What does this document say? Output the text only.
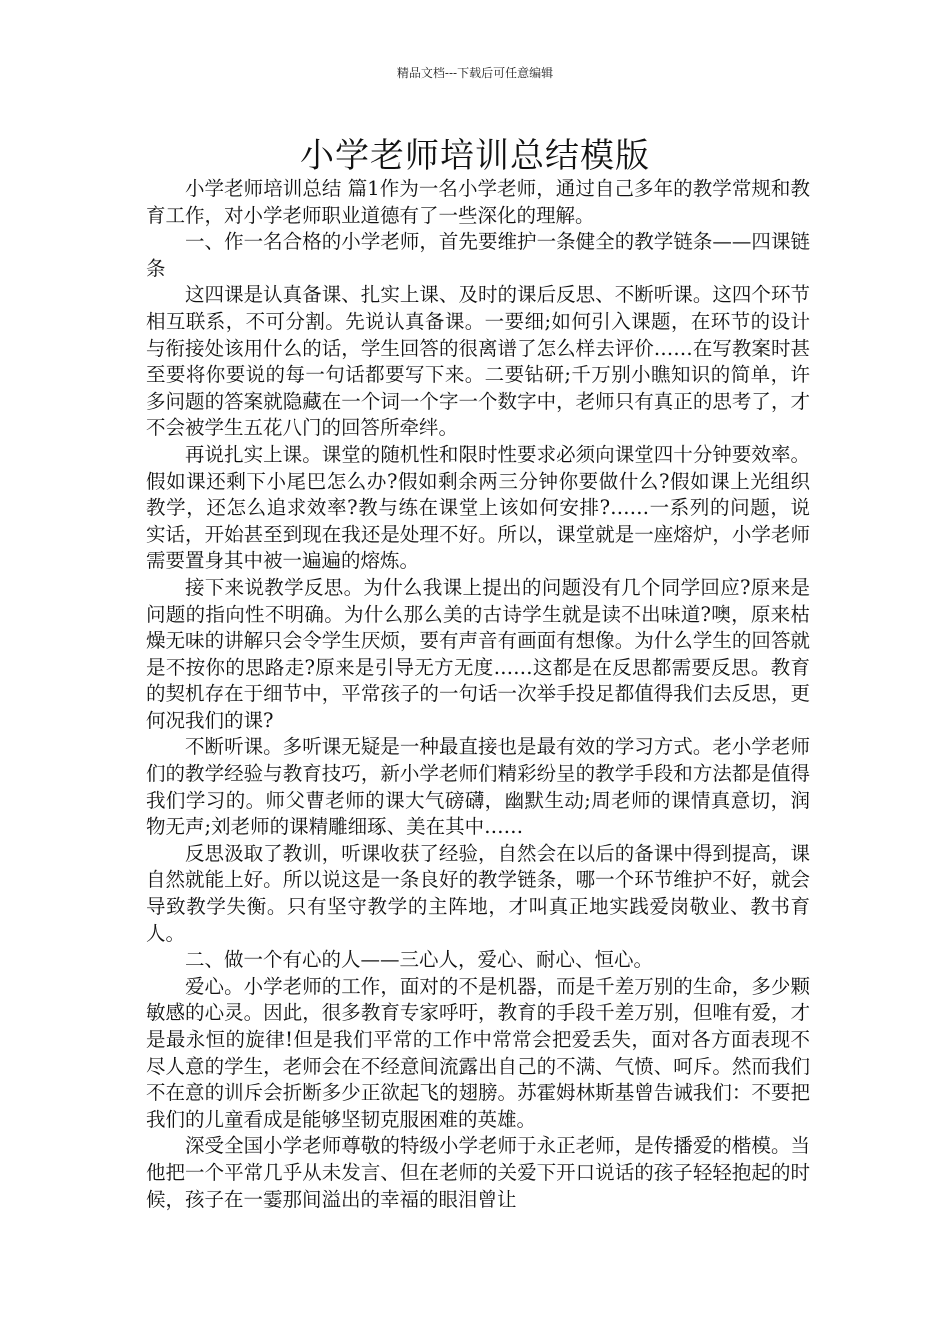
精品文档---下载后可任意编辑
小学老师培训总结模版

小学老师培训总结 篇1作为一名小学老师，通过自己多年的教学常规和教育工作，对小学老师职业道德有了一些深化的理解。

一、作一名合格的小学老师，首先要维护一条健全的教学链条——四课链条

这四课是认真备课、扎实上课、及时的课后反思、不断听课。这四个环节相互联系，不可分割。先说认真备课。一要细;如何引入课题，在环节的设计与衔接处该用什么的话，学生回答的很离谱了怎么样去评价……在写教案时甚至要将你要说的每一句话都要写下来。二要钻研;千万别小瞧知识的简单，许多问题的答案就隐藏在一个词一个字一个数字中，老师只有真正的思考了，才不会被学生五花八门的回答所牵绊。

再说扎实上课。课堂的随机性和限时性要求必须向课堂四十分钟要效率。假如课还剩下小尾巴怎么办?假如剩余两三分钟你要做什么?假如课上光组织教学，还怎么追求效率?教与练在课堂上该如何安排?……一系列的问题，说实话，开始甚至到现在我还是处理不好。所以，课堂就是一座熔炉，小学老师需要置身其中被一遍遍的熔炼。

接下来说教学反思。为什么我课上提出的问题没有几个同学回应?原来是问题的指向性不明确。为什么那么美的古诗学生就是读不出味道?噢，原来枯燥无味的讲解只会令学生厌烦，要有声音有画面有想像。为什么学生的回答就是不按你的思路走?原来是引导无方无度……这都是在反思都需要反思。教育的契机存在于细节中，平常孩子的一句话一次举手投足都值得我们去反思，更何况我们的课?

不断听课。多听课无疑是一种最直接也是最有效的学习方式。老小学老师们的教学经验与教育技巧，新小学老师们精彩纷呈的教学手段和方法都是值得我们学习的。师父曹老师的课大气磅礴，幽默生动;周老师的课情真意切，润物无声;刘老师的课精雕细琢、美在其中……

反思汲取了教训，听课收获了经验，自然会在以后的备课中得到提高，课自然就能上好。所以说这是一条良好的教学链条，哪一个环节维护不好，就会导致教学失衡。只有坚守教学的主阵地，才叫真正地实践爱岗敬业、教书育人。

二、做一个有心的人——三心人，爱心、耐心、恒心。

爱心。小学老师的工作，面对的不是机器，而是千差万别的生命，多少颗敏感的心灵。因此，很多教育专家呼吁，教育的手段千差万别，但唯有爱，才是最永恒的旋律!但是我们平常的工作中常常会把爱丢失，面对各方面表现不尽人意的学生，老师会在不经意间流露出自己的不满、气愤、呵斥。然而我们不在意的训斥会折断多少正欲起飞的翅膀。苏霍姆林斯基曾告诫我们：不要把我们的儿童看成是能够坚韧克服困难的英雄。

深受全国小学老师尊敬的特级小学老师于永正老师，是传播爱的楷模。当他把一个平常几乎从未发言、但在老师的关爱下开口说话的孩子轻轻抱起的时候，孩子在一霎那间溢出的幸福的眼泪曾让
